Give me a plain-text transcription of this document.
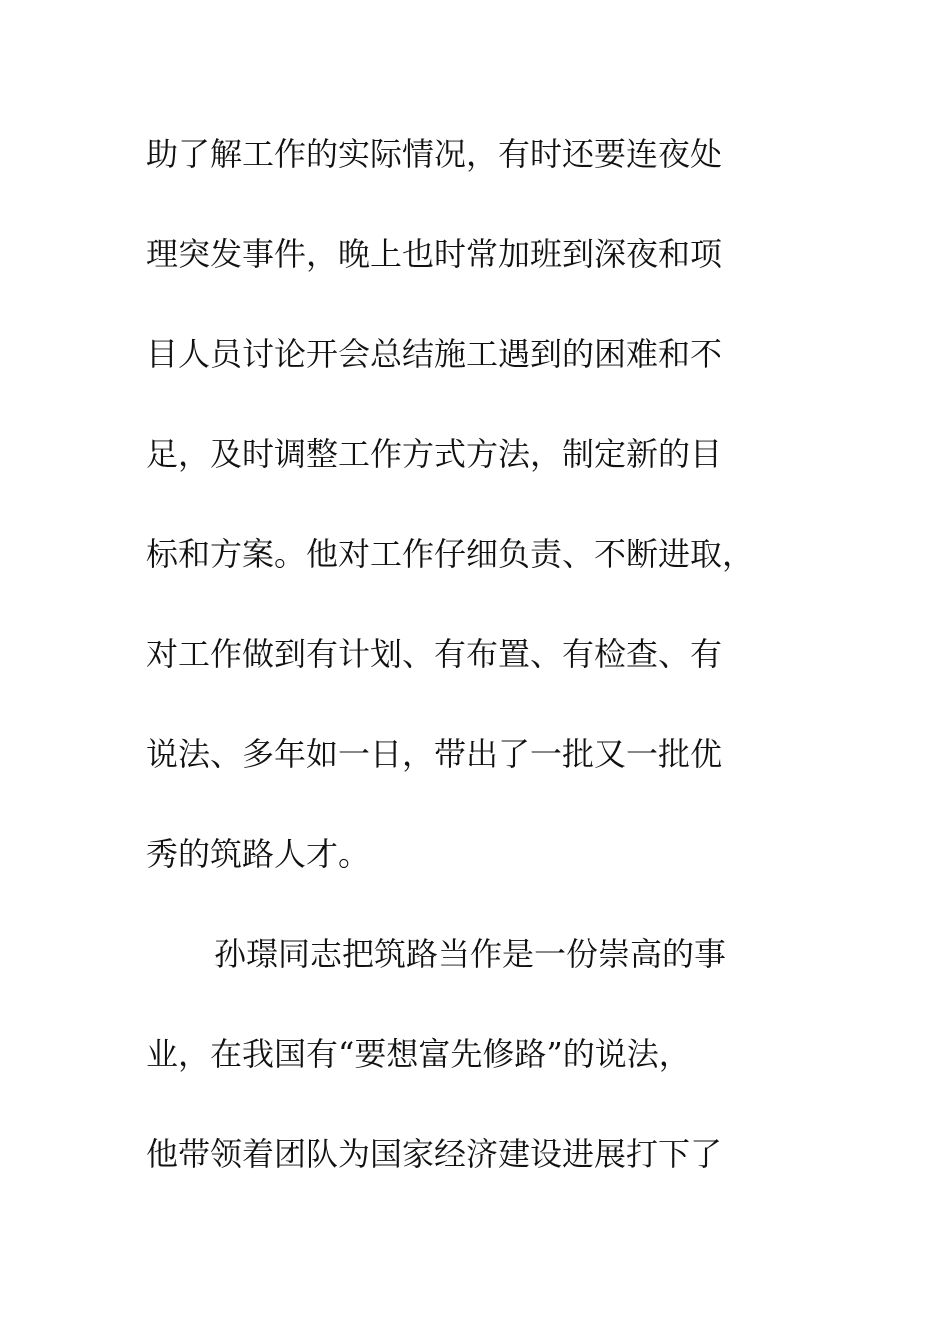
助了解工作的实际情况，有时还要连夜处
理突发事件，晚上也时常加班到深夜和项
目人员讨论开会总结施工遇到的困难和不
足，及时调整工作方式方法，制定新的目
标和方案。他对工作仔细负责、不断进取，
对工作做到有计划、有布置、有检查、有
说法、多年如一日，带出了一批又一批优
秀的筑路人才。
孙璟同志把筑路当作是一份崇高的事
业，在我国有“要想富先修路”的说法，
他带领着团队为国家经济建设进展打下了
